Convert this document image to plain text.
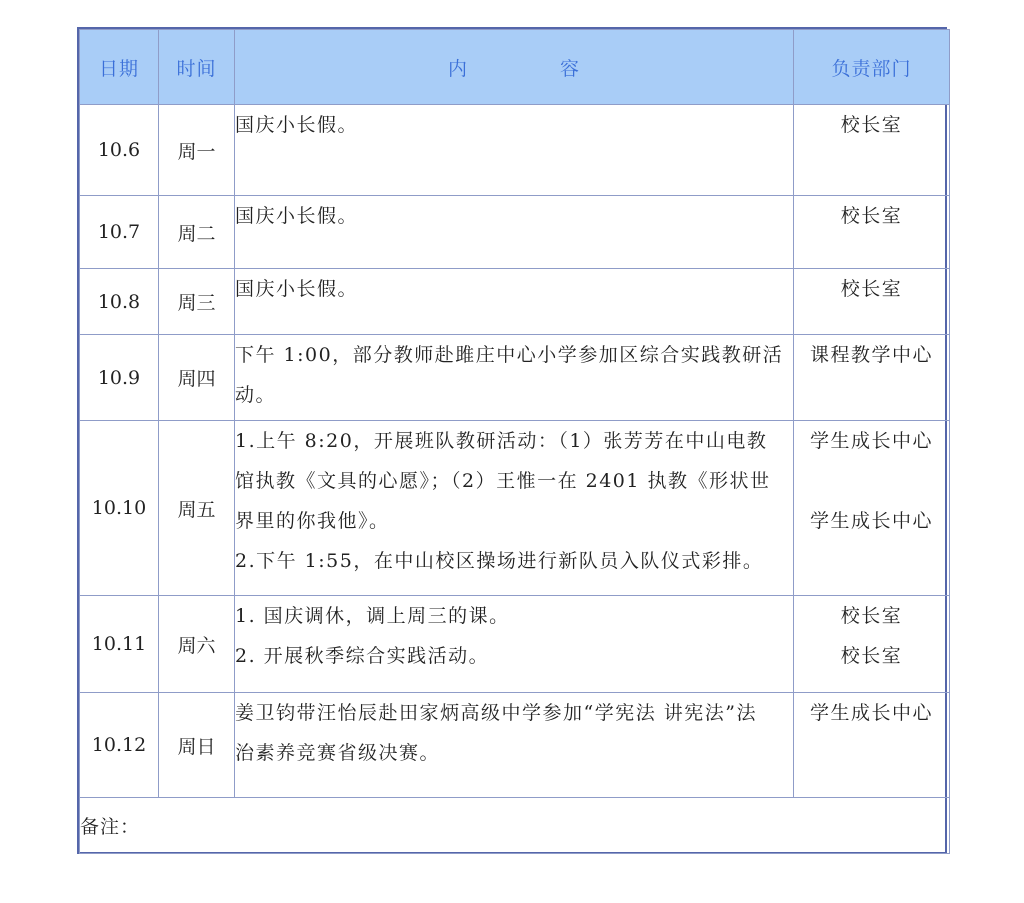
日期	时间	内 容	负责部门
10.6	周一	国庆小长假。	校长室

10.7	周二	国庆小长假。	校长室

10.8	周三	国庆小长假。	校长室

10.9	周四	下午 1:00，部分教师赴雎庄中心小学参加区综合实践教研活
动。	课程教学中心

10.10	周五	1.上午 8:20，开展班队教研活动：（1）张芳芳在中山电教
馆执教《文具的心愿》；（2）王惟一在 2401 执教《形状世
界里的你我他》。
2.下午 1:55，在中山校区操场进行新队员入队仪式彩排。	学生成长中心
学生成长中心

10.11	周六	1. 国庆调休，调上周三的课。
2. 开展秋季综合实践活动。	校长室
校长室

10.12	周日	姜卫钧带汪怡辰赴田家炳高级中学参加“学宪法 讲宪法”法
治素养竞赛省级决赛。	学生成长中心

备注：			
